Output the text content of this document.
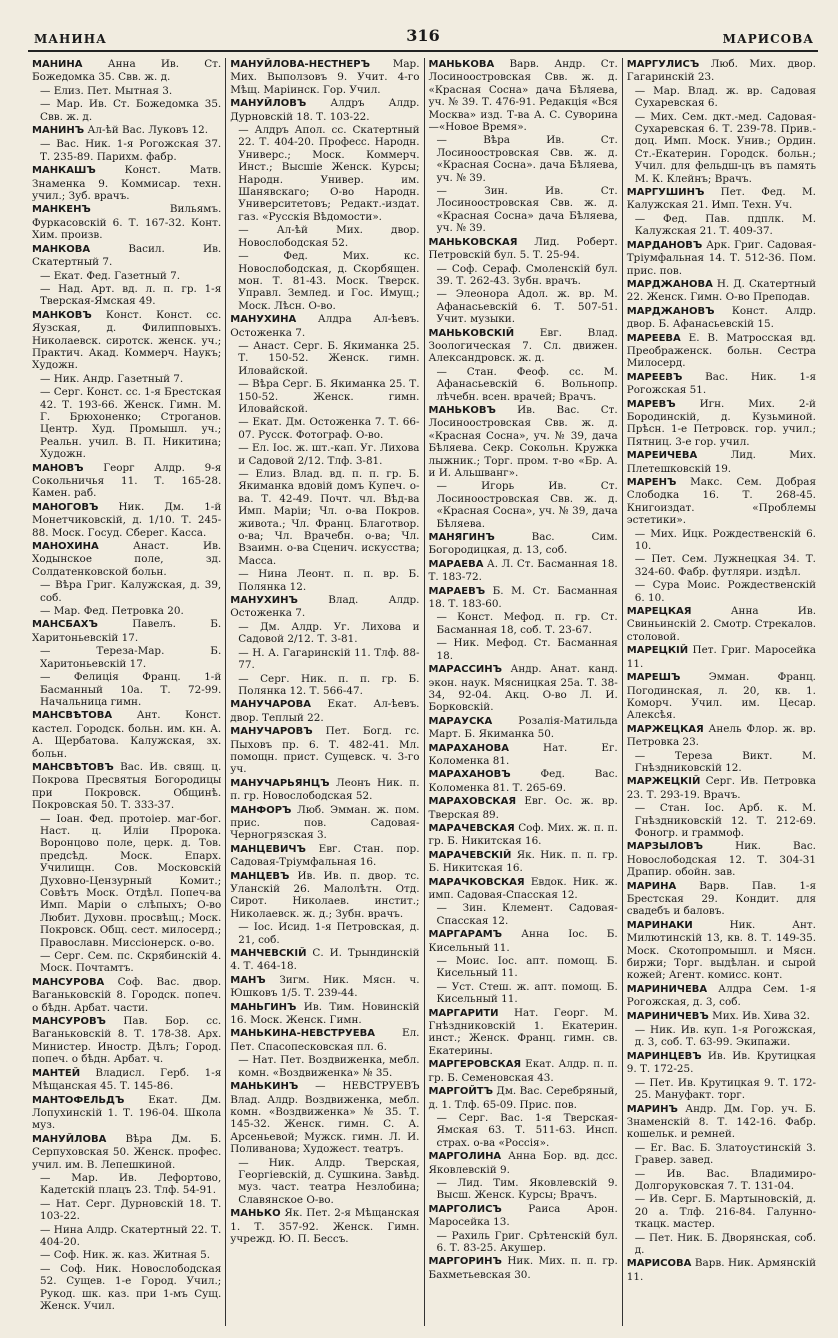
МАНИНА	316	МАРИСОВА

МАНИНА Анна Ив. Ст. Божедомка 35. Свв. ж. д.

— Елиз. Пет. Мытная 3.

— Мар. Ив. Ст. Божедомка 35. Свв. ж. д.

МАНИНЪ Ал-ѣй Вас. Луковъ 12.

— Вас. Ник. 1-я Рогожская 37. Т. 235-89. Парихм. фабр.

МАНКАШЪ	Конст. Матв. Знаменка 9. Коммисар. техн. учил.; Зуб. врачъ.

МАНКЕНЪ	Вильямъ. Фуркасовскій 6. Т. 167-32. Конт. Хим. произв.

МАНКОВА	Васил. Ив. Скатертный 7.

— Екат. Фед. Газетный 7.

— Над. Арт. вд. л. п. гр. 1-я Тверская-Ямская 49.

МАНКОВЪ Конст. Конст. сс. Яузская, д. Филипповыхъ. Николаевск. сиротск. женск. уч.; Практич. Акад. Коммерч. Наукъ; Художн.

— Ник. Андр. Газетный 7.

— Серг. Конст. сс. 1-я Брестская 42. Т. 193-66. Женск. Гимн. М. Г. Брюхоненко; Строганов. Центр. Худ. Промышл. уч.; Реальн. учил. В. П. Никитина; Художн.

МАНОВЪ Георг Алдр. 9-я Сокольничья 11. Т. 165-28. Камен. раб.

МАНОГОВЪ Ник. Дм. 1-й Монетчиковскій, д. 1/10. Т. 245-88. Моск. Госуд. Сберег. Касса.

МАНОХИНА	Анаст. Ив. Ходынское поле, зд. Солдатенковской больн.

— Вѣра Григ. Калужская, д. 39, соб.

— Мар. Фед. Петровка 20.

МАНСБАХЪ	Павелъ. Б. Харитоньевскій 17.

— Тереза-Мар. Б. Харитоньевскій 17.

— Фелиція Франц. 1-й Басманный 10а. Т. 72-99. Начальница гимн.

МАНСВѢТОВА Ант. Конст. кастел. Городск. больн. им. кн. А. А. Щербатова. Калужская, зх. больн.

МАНСВѢТОВЪ Вас. Ив. свящ. ц. Покрова Пресвятыя Богородицы при Покровск. Общинѣ. Покровская 50. Т. 333-37.

— Іоан. Фед. протоіер. маг-бог. Наст. ц. Иліи Пророка. Воронцово поле, церк. д. Тов. предсѣд. Моск. Епарх. Училищн. Сов. Московскій Духовно-Цензурный Комит.; Совѣтъ Моск. Отдѣл. Попеч-ва Имп. Маріи о слѣпыхъ; О-во Любит. Духовн. просвѣщ.; Моск. Покровск. Общ. сест. милосерд.; Православн. Миссіонерск. о-во.

— Серг. Сем. пс. Скрябинскій 4. Моск. Почтамтъ.

МАНСУРОВА Соф. Вас. двор. Ваганьковскій 8. Городск. попеч. о бѣдн. Арбат. части.

МАНСУРОВЪ Пав. Бор. сс. Ваганьковскій 8. Т. 178-38. Арх. Министер. Иностр. Дѣлъ; Город. попеч. о бѣдн. Арбат. ч.

МАНТЕЙ Владисл. Герб. 1-я Мѣщанская 45. Т. 145-86.

МАНТОФЕЛЬДЪ Екат. Дм. Лопухинскій 1. Т. 196-04. Школа муз.

МАНУЙЛОВА Вѣра Дм. Б. Серпуховская 50. Женск. профес. учил. им. В. Лепешкиной.

— Мар. Ив. Лефортово, Кадетскій плацъ 23. Тлф. 54-91.

— Нат. Серг. Дурновскій 18. Т. 103-22.

— Нина Алдр. Скатертный 22. Т. 404-20.

— Соф. Ник. ж. каз. Житная 5.

— Соф. Ник. Новослободская 52. Сущев. 1-е Город. Учил.; Рукод. шк. каз. при 1-мъ Сущ. Женск. Учил.

МАНУЙЛОВА-НЕСТНЕРЪ Мар. Мих. Выползовъ 9. Учит. 4-го Мѣщ. Маріинск. Гор. Учил.

МАНУЙЛОВЪ Алдръ Алдр. Дурновскій 18. Т. 103-22.

— Алдръ Апол. сс. Скатертный 22. Т. 404-20. Професс. Народн. Универс.; Моск. Коммерч. Инст.; Высшіе Женск. Курсы; Народн. Универ. им. Шанявскаго; О-во Народн. Университетовъ; Редакт.-издат. газ. «Русскія Вѣдомости».

— Ал-ѣй Мих. двор. Новослободская 52.

— Фед. Мих. кс. Новослободская, д. Скорбящен. мон. Т. 81-43. Моск. Тверск. Управл. Землед. и Гос. Имущ.; Моск. Лѣсн. О-во.

МАНУХИНА Алдра Ал-ѣевъ. Остоженка 7.

— Анаст. Серг. Б. Якиманка 25. Т. 150-52. Женск. гимн. Иловайской.

— Вѣра Серг. Б. Якиманка 25. Т. 150-52. Женск. гимн. Иловайской.

— Екат. Дм. Остоженка 7. Т. 66-07. Русск. Фотограф. О-во.

— Ел. Іос. ж. шт.-кап. Уг. Лихова и Садовой 2/12. Тлф. 3-81.

— Елиз. Влад. вд. п. п. гр. Б. Якиманка вдовій домъ Купеч. о-ва. Т. 42-49. Почт. чл. Вѣд-ва Имп. Маріи; Чл. о-ва Покров. живота.; Чл. Франц. Благотвор. о-ва; Чл. Врачебн. о-ва; Чл. Взаимн. о-ва Сценич. искусства; Масса.

— Нина Леонт. п. п. вр. Б. Полянка 12.

МАНУХИНЪ	Влад. Алдр. Остоженка 7.

— Дм. Алдр. Уг. Лихова и Садовой 2/12. Т. 3-81.

— Н. А. Гагаринскій 11. Тлф. 88-77.

— Серг. Ник. п. п. гр. Б. Полянка 12. Т. 566-47.

МАНУЧАРОВА Екат. Ал-ѣевъ. двор. Теплый 22.

МАНУЧАРОВЪ Пет. Богд. гс. Пыховъ пр. 6. Т. 482-41. Мл. помощн. прист. Сущевск. ч. 3-го уч.

МАНУЧАРЬЯНЦЪ Леонъ Ник. п. п. гр. Новослободская 52.

МАНФОРЪ Люб. Эмман. ж. пом. прис. пов. Садовая-Черногрязская 3.

МАНЦЕВИЧЪ Евг. Стан. пор. Садовая-Тріумфальная 16.

МАНЦЕВЪ Ив. Ив. п. двор. тс. Уланскій 26. Малолѣтн. Отд. Сирот. Николаев. инстит.; Николаевск. ж. д.; Зубн. врачъ.

— Іос. Исид. 1-я Петровская, д. 21, соб.

МАНЧЕВСКІЙ С. И. Трындинскій 4. Т. 464-18.

МАНЪ Зигм. Ник. Мясн. ч. Юшковъ 1/5. Т. 239-44.

МАНЬГИНЪ Ив. Тим. Новинскій 16. Моск. Женск. Гимн.

МАНЬКИНА-НЕВСТРУЕВА	Ел. Пет. Спасопесковская пл. 6.

— Нат. Пет. Воздвиженка, мебл. комн. «Воздвиженка» № 35.

МАНЬКИНЪ — НЕВСТРУЕВЪ Влад. Алдр. Воздвиженка, мебл. комн. «Воздвиженка» № 35. Т. 145-32. Женск. гимн. С. А. Арсеньевой; Мужск. гимн. Л. И. Поливанова; Художест. театръ.

— Ник. Алдр. Тверская, Георгіевскій, д. Сушкина. Завѣд. муз. част. театра Незлобина; Славянское О-во.

МАНЬКО Як. Пет. 2-я Мѣщанская 1. Т. 357-92. Женск. Гимн. учрежд. Ю. П. Бессъ.

МАНЬКОВА Варв. Андр. Ст. Лосиноостровская Свв. ж. д. «Красная Сосна» дача Бѣляева, уч. № 39. Т. 476-91. Редакція «Вся Москва» изд. Т-ва А. С. Суворина—«Новое Время».

— Вѣра Ив. Ст. Лосиноостровская Свв. ж. д. «Красная Сосна». дача Бѣляева, уч. № 39.

— Зин. Ив. Ст. Лосиноостровская Свв. ж. д. «Красная Сосна» дача Бѣляева, уч. № 39.

МАНЬКОВСКАЯ Лид. Роберт. Петровскій бул. 5. Т. 25-94.

— Соф. Сераф. Смоленскій бул. 39. Т. 262-43. Зубн. врачъ.

— Элеонора Адол. ж. вр. М. Афанасьевскій 6. Т. 507-51. Учит. музыки.

МАНЬКОВСКІЙ Евг. Влад. Зоологическая 7. Сл. движен. Александровск. ж. д.

— Стан. Феоф. сс. М. Афанасьевскій 6. Вольнопр. лѣчебн. всен. врачей; Врачъ.

МАНЬКОВЪ Ив. Вас. Ст. Лосиноостровская Свв. ж. д. «Красная Сосна», уч. № 39, дача Бѣляева. Секр. Сокольн. Кружка лыжник.; Торг. пром. т-во «Бр. А. и И. Альшванг».

— Игорь Ив. Ст. Лосиноостровская Свв. ж. д. «Красная Сосна», уч. № 39, дача Бѣляева.

МАНЯГИНЪ	Вас. Сим. Богородицкая, д. 13, соб.

МАРАЕВА А. Л. Ст. Басманная 18. Т. 183-72.

МАРАЕВЪ Б. М. Ст. Басманная 18. Т. 183-60.

— Конст. Мефод. п. гр. Ст. Басманная 18, соб. Т. 23-67.

— Ник. Мефод. Ст. Басманная 18.

МАРАССИНЪ Андр. Анат. канд. экон. наук. Мясницкая 25а. Т. 38-34, 92-04. Акц. О-во Л. И. Борковскій.

МАРАУСКА	Розалія-Матильда Март. Б. Якиманка 50.

МАРАХАНОВА	Нат. Ег. Коломенка 81.

МАРАХАНОВЪ	Фед. Вас. Коломенка 81. Т. 265-69.

МАРАХОВСКАЯ Евг. Ос. ж. вр. Тверская 89.

МАРАЧЕВСКАЯ Соф. Мих. ж. п. п. гр. Б. Никитская 16.

МАРАЧЕВСКІЙ Як. Ник. п. п. гр. Б. Никитская 16.

МАРАЧКОВСКАЯ Евдок. Ник. ж. имп. Садовая-Спасская 12.

— Зин. Клемент. Садовая-Спасская 12.

МАРГАРАМЪ Анна Іос. Б. Кисельный 11.

— Моис. Іос. апт. помощ. Б. Кисельный 11.

— Уст. Стеш. ж. апт. помощ. Б. Кисельный 11.

МАРГАРИТИ Нат. Георг. М. Гнѣздниковскій 1. Екатерин. инст.; Женск. Франц. гимн. св. Екатерины.

МАРГЕРОВСКАЯ Екат. Алдр. п. п. гр. Б. Семеновская 43.

МАРГОЙТЪ Дм. Вас. Серебряный, д. 1. Тлф. 65-09. Прис. пов.

— Серг. Вас. 1-я Тверская-Ямская 63. Т. 511-63. Инсп. страх. о-ва «Россія».

МАРГОЛИНА Анна Бор. вд. дсс. Яковлевскій 9.

— Лид. Тим. Яковлевскій 9. Высш. Женск. Курсы; Врачъ.

МАРГОЛИСЪ	Раиса Арон. Маросейка 13.

— Рахиль Григ. Срѣтенскій бул. 6. Т. 83-25. Акушер.

МАРГОРИНЪ Ник. Мих. п. п. гр. Бахметьевская 30.

МАРГУЛИСЪ Люб. Мих. двор. Гагаринскій 23.

— Мар. Влад. ж. вр. Садовая Сухаревская 6.

— Мих. Сем. дкт.-мед. Садовая-Сухаревская 6. Т. 239-78. Прив.-доц. Имп. Моск. Унив.; Ордин. Ст.-Екатерин. Городск. больн.; Учил. для фельдш-цъ въ память М. К. Клейнъ; Врачъ.

МАРГУШИНЪ Пет. Фед. М. Калужская 21. Имп. Техн. Уч.

— Фед. Пав. пдплк. М. Калужская 21. Т. 409-37.

МАРДАНОВЪ Арк. Григ. Садовая-Тріумфальная 14. Т. 512-36. Пом. прис. пов.

МАРДЖАНОВА Н. Д. Скатертный 22. Женск. Гимн. О-во Преподав.

МАРДЖАНОВЪ Конст. Алдр. двор. Б. Афанасьевскій 15.

МАРЕЕВА Е. В. Матросская вд. Преображенск. больн. Сестра Милосерд.

МАРЕЕВЪ Вас. Ник. 1-я Рогожская 51.

МАРЕВЪ Игн. Мих. 2-й Бородинскій, д. Кузьминой. Прѣсн. 1-е Петровск. гор. учил.; Пятниц. 3-е гор. учил.

МАРЕИЧЕВА	Лид. Мих. Плетешковскій 19.

МАРЕНЪ Макс. Сем. Добрая Слободка 16. Т. 268-45. Книгоиздат. «Проблемы эстетики».

— Мих. Ицк. Рождественскій 6. 10.

— Пет. Сем. Лужнецкая 34. Т. 324-60. Фабр. футляри. издѣл.

— Сура Моис. Рождественскій 6. 10.

МАРЕЦКАЯ	Анна Ив. Свиньинскій 2. Смотр. Стрекалов. столовой.

МАРЕЦКІЙ Пет. Григ. Маросейка 11.

МАРЕШЪ	Эмман. Франц. Погодинская, л. 20, кв. 1. Коморч. Учил. им. Цесар. Алексѣя.

МАРЖЕЦКАЯ Анель Флор. ж. вр. Петровка 23.

— Тереза Викт. М. Гнѣздниковскій 12.

МАРЖЕЦКІЙ Серг. Ив. Петровка 23. Т. 293-19. Врачъ.

— Стан. Іос. Арб. к. М. Гнѣздниковскій 12. Т. 212-69. Фоногр. и граммоф.

МАРЗЫЛОВЪ	Ник. Вас. Новослободская 12. Т. 304-31 Драпир. обойн. зав.

МАРИНА Варв. Пав. 1-я Брестская 29. Кондит. для свадебъ и баловъ.

МАРИНАКИ	Ник. Ант. Милютинскій 13, кв. 8. Т. 149-35. Моск. Скотопромышл. и Мясн. биржи; Торг. выдѣлан. и сырой кожей; Агент. комисс. конт.

МАРИНИЧЕВА Алдра Сем. 1-я Рогожская, д. 3, соб.

МАРИНИЧЕВЪ Мих. Ив. Хива 32.

— Ник. Ив. куп. 1-я Рогожская, д. 3, соб. Т. 63-99. Экипажи.

МАРИНЦЕВЪ Ив. Ив. Крутицкая 9. Т. 172-25.

— Пет. Ив. Крутицкая 9. Т. 172-25. Мануфакт. торг.

МАРИНЪ Андр. Дм. Гор. уч. Б. Знаменскій 8. Т. 142-16. Фабр. кошельк. и ремней.

— Ег. Вас. Б. Златоустинскій 3. Гравер. завед.

— Ив. Вас. Владимиро-Долгоруковская 7. Т. 131-04.

— Ив. Серг. Б. Мартыновскій, д. 20 а. Тлф. 216-84. Галунно-ткацк. мастер.

— Пет. Ник. Б. Дворянская, соб. д.

МАРИСОВА Варв. Ник. Армянскій 11.
